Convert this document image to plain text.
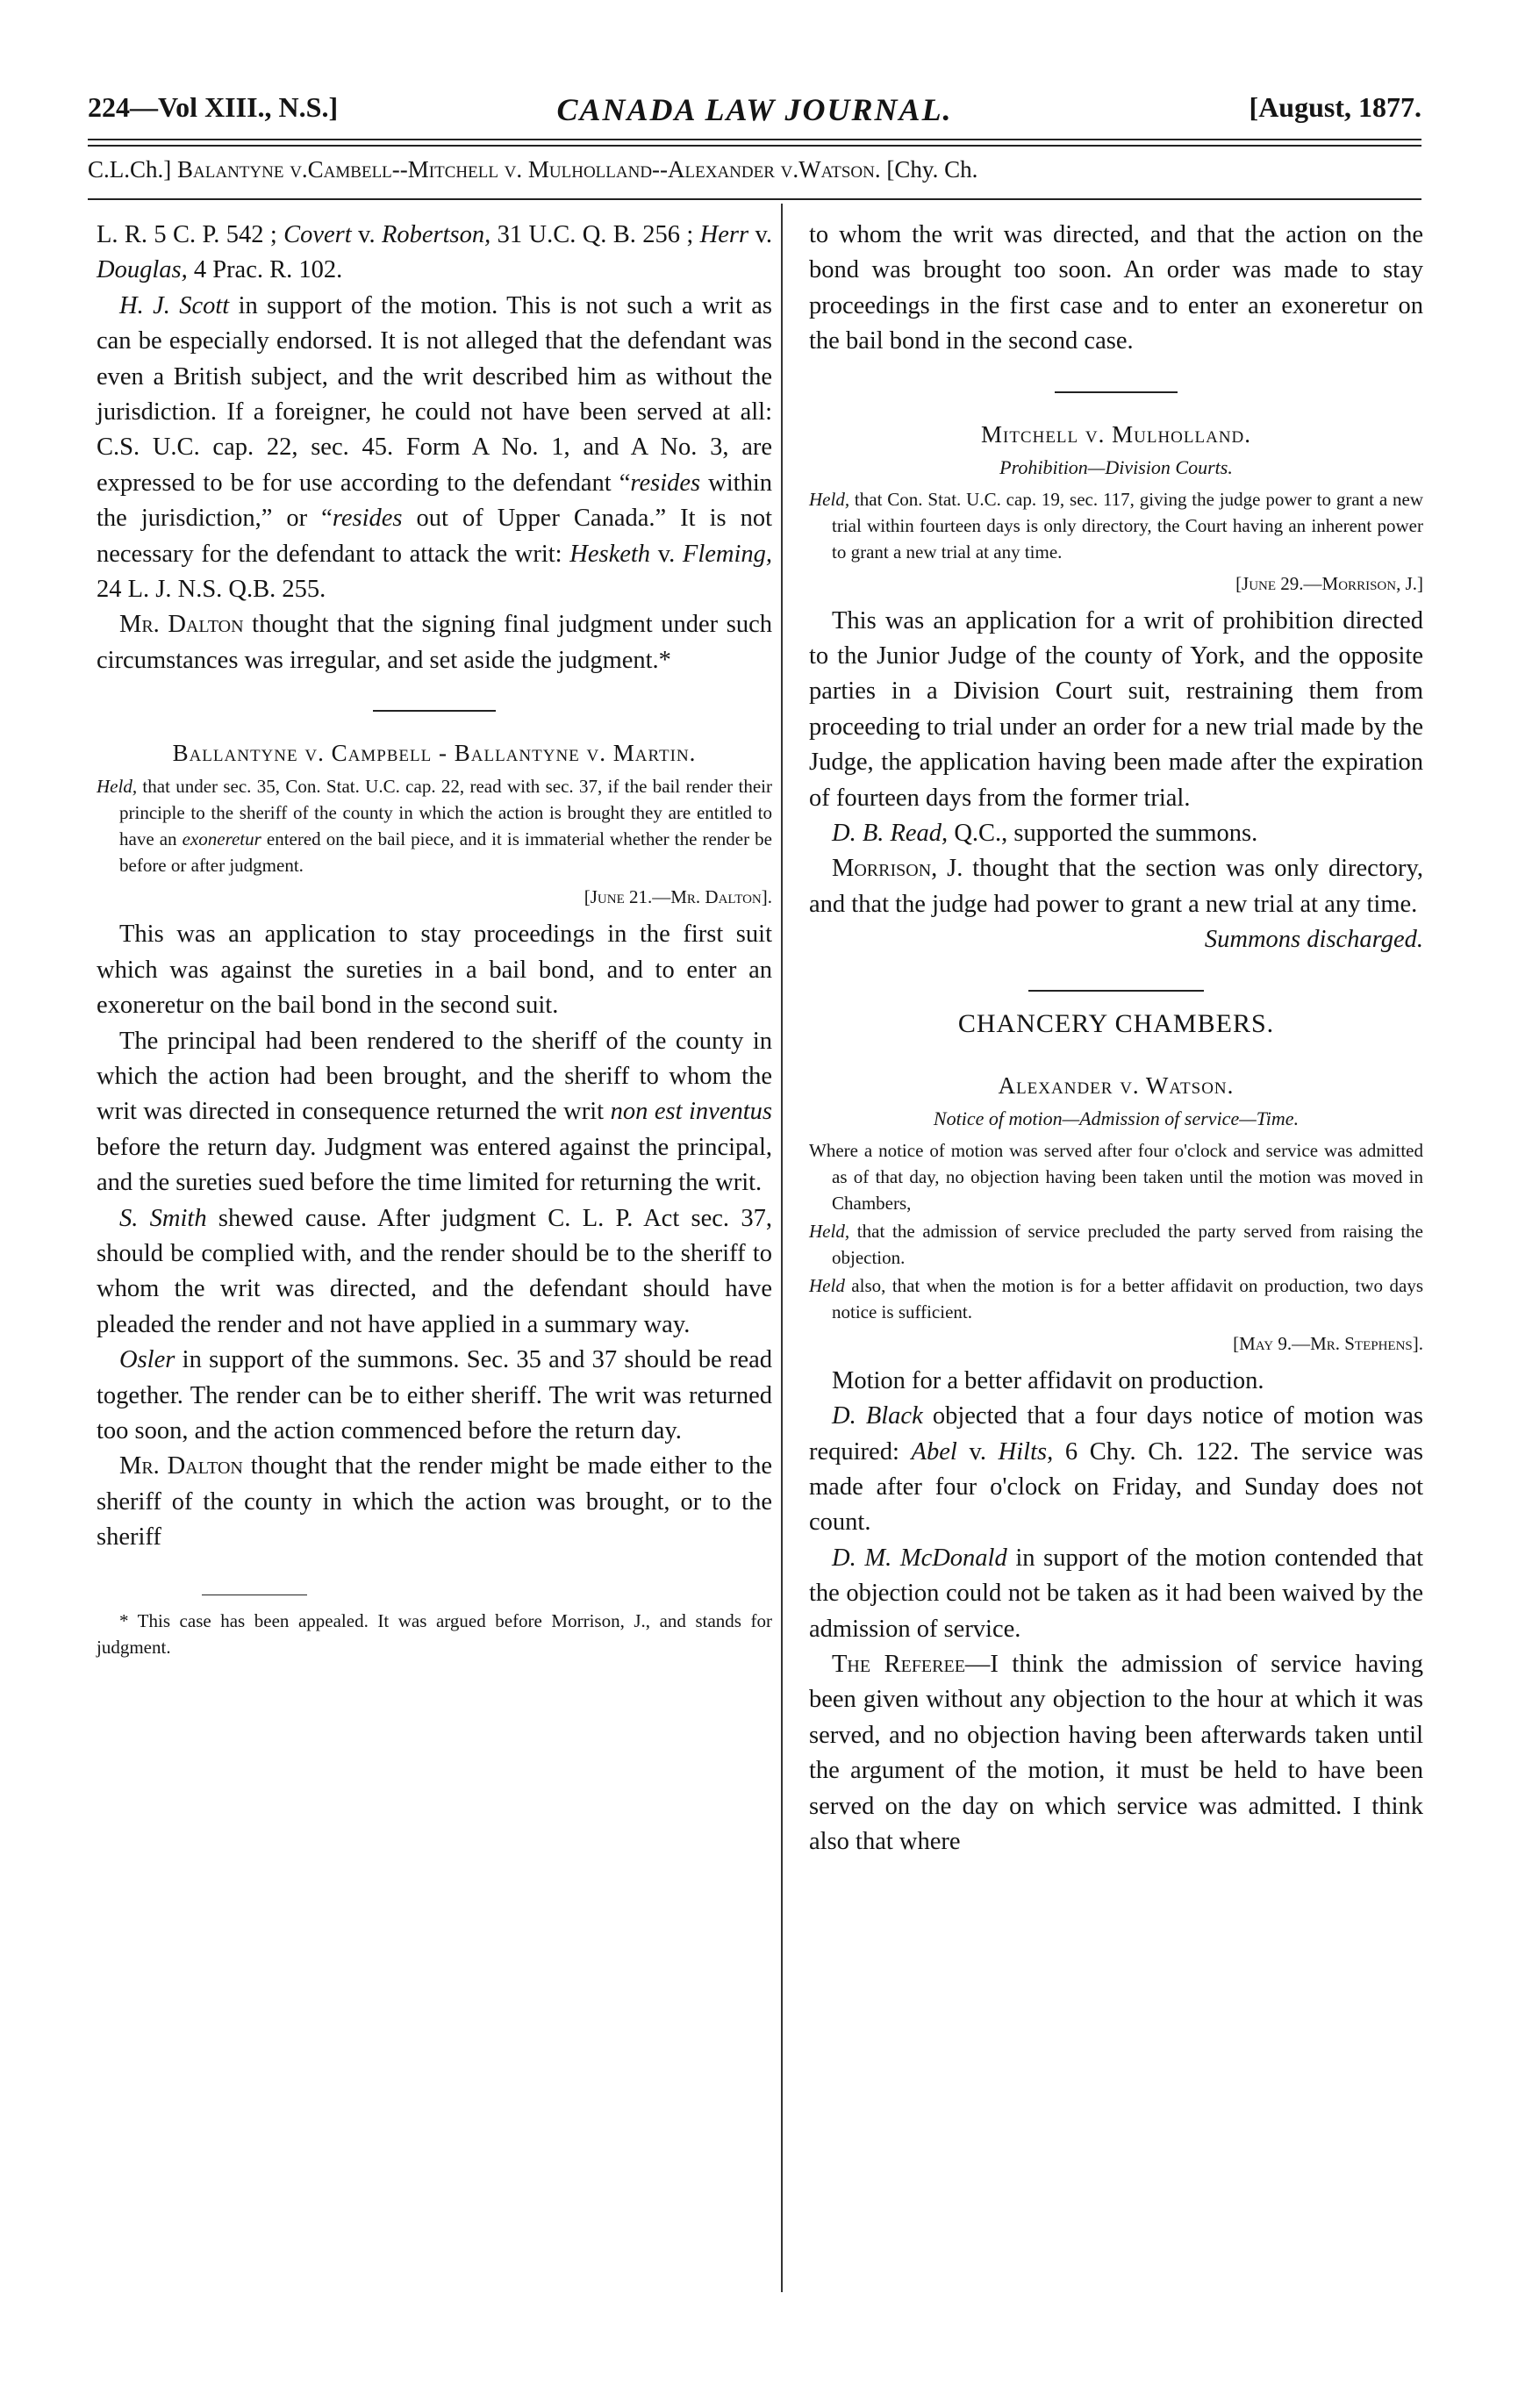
224—Vol XIII., N.S.]	CANADA LAW JOURNAL.	[August, 1877.
C.L.Ch.] Balantyne v.Cambell--Mitchell v. Mulholland--Alexander v.Watson. [Chy. Ch.

L. R. 5 C. P. 542 ; Covert v. Robertson, 31 U.C. Q. B. 256 ; Herr v. Douglas, 4 Prac. R. 102.

H. J. Scott in support of the motion. This is not such a writ as can be especially endorsed. It is not alleged that the defendant was even a British subject, and the writ described him as without the jurisdiction. If a foreigner, he could not have been served at all: C.S. U.C. cap. 22, sec. 45. Form A No. 1, and A No. 3, are expressed to be for use according to the defendant “resides within the jurisdiction,” or “resides out of Upper Canada.” It is not necessary for the defendant to attack the writ: Hesketh v. Fleming, 24 L. J. N.S. Q.B. 255.

Mr. Dalton thought that the signing final judgment under such circumstances was irregular, and set aside the judgment.*

Ballantyne v. Campbell - Ballantyne v. Martin.

Held, that under sec. 35, Con. Stat. U.C. cap. 22, read with sec. 37, if the bail render their principle to the sheriff of the county in which the action is brought they are entitled to have an exoneretur entered on the bail piece, and it is immaterial whether the render be before or after judgment.

[June 21.—Mr. Dalton].

This was an application to stay proceedings in the first suit which was against the sureties in a bail bond, and to enter an exoneretur on the bail bond in the second suit.

The principal had been rendered to the sheriff of the county in which the action had been brought, and the sheriff to whom the writ was directed in consequence returned the writ non est inventus before the return day. Judgment was entered against the principal, and the sureties sued before the time limited for returning the writ.

S. Smith shewed cause. After judgment C. L. P. Act sec. 37, should be complied with, and the render should be to the sheriff to whom the writ was directed, and the defendant should have pleaded the render and not have applied in a summary way.

Osler in support of the summons. Sec. 35 and 37 should be read together. The render can be to either sheriff. The writ was returned too soon, and the action commenced before the return day.

Mr. Dalton thought that the render might be made either to the sheriff of the county in which the action was brought, or to the sheriff

* This case has been appealed. It was argued before Morrison, J., and stands for judgment.

to whom the writ was directed, and that the action on the bond was brought too soon. An order was made to stay proceedings in the first case and to enter an exoneretur on the bail bond in the second case.

Mitchell v. Mulholland.
Prohibition—Division Courts.

Held, that Con. Stat. U.C. cap. 19, sec. 117, giving the judge power to grant a new trial within fourteen days is only directory, the Court having an inherent power to grant a new trial at any time.

[June 29.—Morrison, J.]

This was an application for a writ of prohibition directed to the Junior Judge of the county of York, and the opposite parties in a Division Court suit, restraining them from proceeding to trial under an order for a new trial made by the Judge, the application having been made after the expiration of fourteen days from the former trial.

D. B. Read, Q.C., supported the summons.

Morrison, J. thought that the section was only directory, and that the judge had power to grant a new trial at any time.

Summons discharged.
CHANCERY CHAMBERS.
Alexander v. Watson.
Notice of motion—Admission of service—Time.

Where a notice of motion was served after four o'clock and service was admitted as of that day, no objection having been taken until the motion was moved in Chambers,

Held, that the admission of service precluded the party served from raising the objection.

Held also, that when the motion is for a better affidavit on production, two days notice is sufficient.

[May 9.—Mr. Stephens].

Motion for a better affidavit on production.

D. Black objected that a four days notice of motion was required: Abel v. Hilts, 6 Chy. Ch. 122. The service was made after four o'clock on Friday, and Sunday does not count.

D. M. McDonald in support of the motion contended that the objection could not be taken as it had been waived by the admission of service.

The Referee—I think the admission of service having been given without any objection to the hour at which it was served, and no objection having been afterwards taken until the argument of the motion, it must be held to have been served on the day on which service was admitted. I think also that where
